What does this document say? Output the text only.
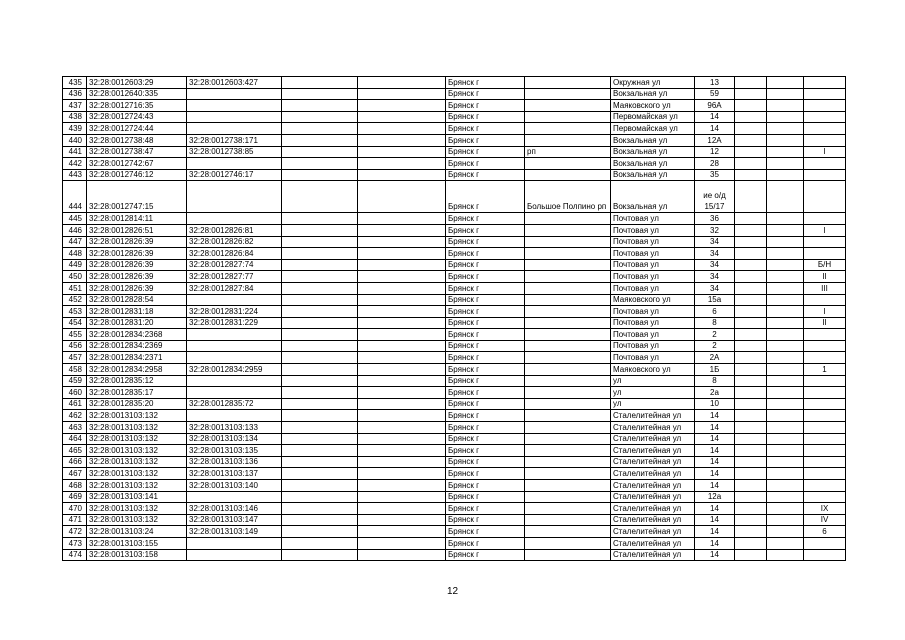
435	32:28:0012603:29	32:28:0012603:427			Брянск г		Окружная ул	13			
436	32:28:0012640:335				Брянск г		Вокзальная ул	59			
437	32:28:0012716:35				Брянск г		Маяковского ул	96А			
438	32:28:0012724:43				Брянск г		Первомайская ул	14			
439	32:28:0012724:44				Брянск г		Первомайская ул	14			
440	32:28:0012738:48	32:28:0012738:171			Брянск г		Вокзальная ул	12А			
441	32:28:0012738:47	32:28:0012738:85			Брянск г	рп	Вокзальная ул	12			I
442	32:28:0012742:67				Брянск г		Вокзальная ул	28			
443	32:28:0012746:12	32:28:0012746:17			Брянск г		Вокзальная ул	35			
444	32:28:0012747:15				Брянск г	Большое Полпино рп	Вокзальная ул	ие о/д 15/17			
445	32:28:0012814:11				Брянск г		Почтовая ул	36			
446	32:28:0012826:51	32:28:0012826:81			Брянск г		Почтовая ул	32			I
447	32:28:0012826:39	32:28:0012826:82			Брянск г		Почтовая ул	34			
448	32:28:0012826:39	32:28:0012826:84			Брянск г		Почтовая ул	34			
449	32:28:0012826:39	32:28:0012827:74			Брянск г		Почтовая ул	34			Б/Н
450	32:28:0012826:39	32:28:0012827:77			Брянск г		Почтовая ул	34			II
451	32:28:0012826:39	32:28:0012827:84			Брянск г		Почтовая ул	34			III
452	32:28:0012828:54				Брянск г		Маяковского ул	15а			
453	32:28:0012831:18	32:28:0012831:224			Брянск г		Почтовая ул	6			I
454	32:28:0012831:20	32:28:0012831:229			Брянск г		Почтовая ул	8			II
455	32:28:0012834:2368				Брянск г		Почтовая ул	2			
456	32:28:0012834:2369				Брянск г		Почтовая ул	2			
457	32:28:0012834:2371				Брянск г		Почтовая ул	2А			
458	32:28:0012834:2958	32:28:0012834:2959			Брянск г		Маяковского ул	1Б			1
459	32:28:0012835:12				Брянск г		ул	8			
460	32:28:0012835:17				Брянск г		ул	2а			
461	32:28:0012835:20	32:28:0012835:72			Брянск г		ул	10			
462	32:28:0013103:132				Брянск г		Сталелитейная ул	14			
463	32:28:0013103:132	32:28:0013103:133			Брянск г		Сталелитейная ул	14			
464	32:28:0013103:132	32:28:0013103:134			Брянск г		Сталелитейная ул	14			
465	32:28:0013103:132	32:28:0013103:135			Брянск г		Сталелитейная ул	14			
466	32:28:0013103:132	32:28:0013103:136			Брянск г		Сталелитейная ул	14			
467	32:28:0013103:132	32:28:0013103:137			Брянск г		Сталелитейная ул	14			
468	32:28:0013103:132	32:28:0013103:140			Брянск г		Сталелитейная ул	14			
469	32:28:0013103:141				Брянск г		Сталелитейная ул	12а			
470	32:28:0013103:132	32:28:0013103:146			Брянск г		Сталелитейная ул	14			IX
471	32:28:0013103:132	32:28:0013103:147			Брянск г		Сталелитейная ул	14			IV
472	32:28:0013103:24	32:28:0013103:149			Брянск г		Сталелитейная ул	14			6
473	32:28:0013103:155				Брянск г		Сталелитейная ул	14			
474	32:28:0013103:158				Брянск г		Сталелитейная ул	14			
12
